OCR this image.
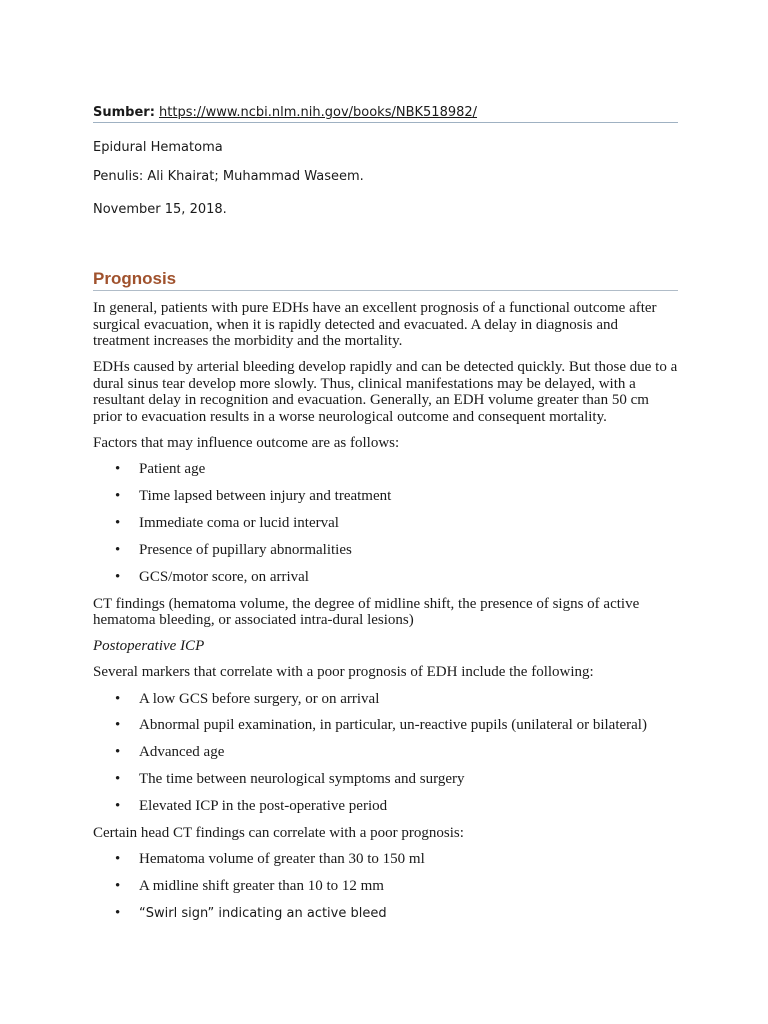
Sumber: https://www.ncbi.nlm.nih.gov/books/NBK518982/
Epidural Hematoma
Penulis: Ali Khairat; Muhammad Waseem.
November 15, 2018.
Prognosis

In general, patients with pure EDHs have an excellent prognosis of a functional outcome after surgical evacuation, when it is rapidly detected and evacuated. A delay in diagnosis and treatment increases the morbidity and the mortality.

EDHs caused by arterial bleeding develop rapidly and can be detected quickly. But those due to a dural sinus tear develop more slowly. Thus, clinical manifestations may be delayed, with a resultant delay in recognition and evacuation. Generally, an EDH volume greater than 50 cm prior to evacuation results in a worse neurological outcome and consequent mortality.

Factors that may influence outcome are as follows:

• Patient age
• Time lapsed between injury and treatment
• Immediate coma or lucid interval
• Presence of pupillary abnormalities
• GCS/motor score, on arrival

CT findings (hematoma volume, the degree of midline shift, the presence of signs of active hematoma bleeding, or associated intra-dural lesions)

Postoperative ICP

Several markers that correlate with a poor prognosis of EDH include the following:

• A low GCS before surgery, or on arrival
• Abnormal pupil examination, in particular, un-reactive pupils (unilateral or bilateral)
• Advanced age
• The time between neurological symptoms and surgery
• Elevated ICP in the post-operative period

Certain head CT findings can correlate with a poor prognosis:

• Hematoma volume of greater than 30 to 150 ml
• A midline shift greater than 10 to 12 mm
• “Swirl sign” indicating an active bleed
